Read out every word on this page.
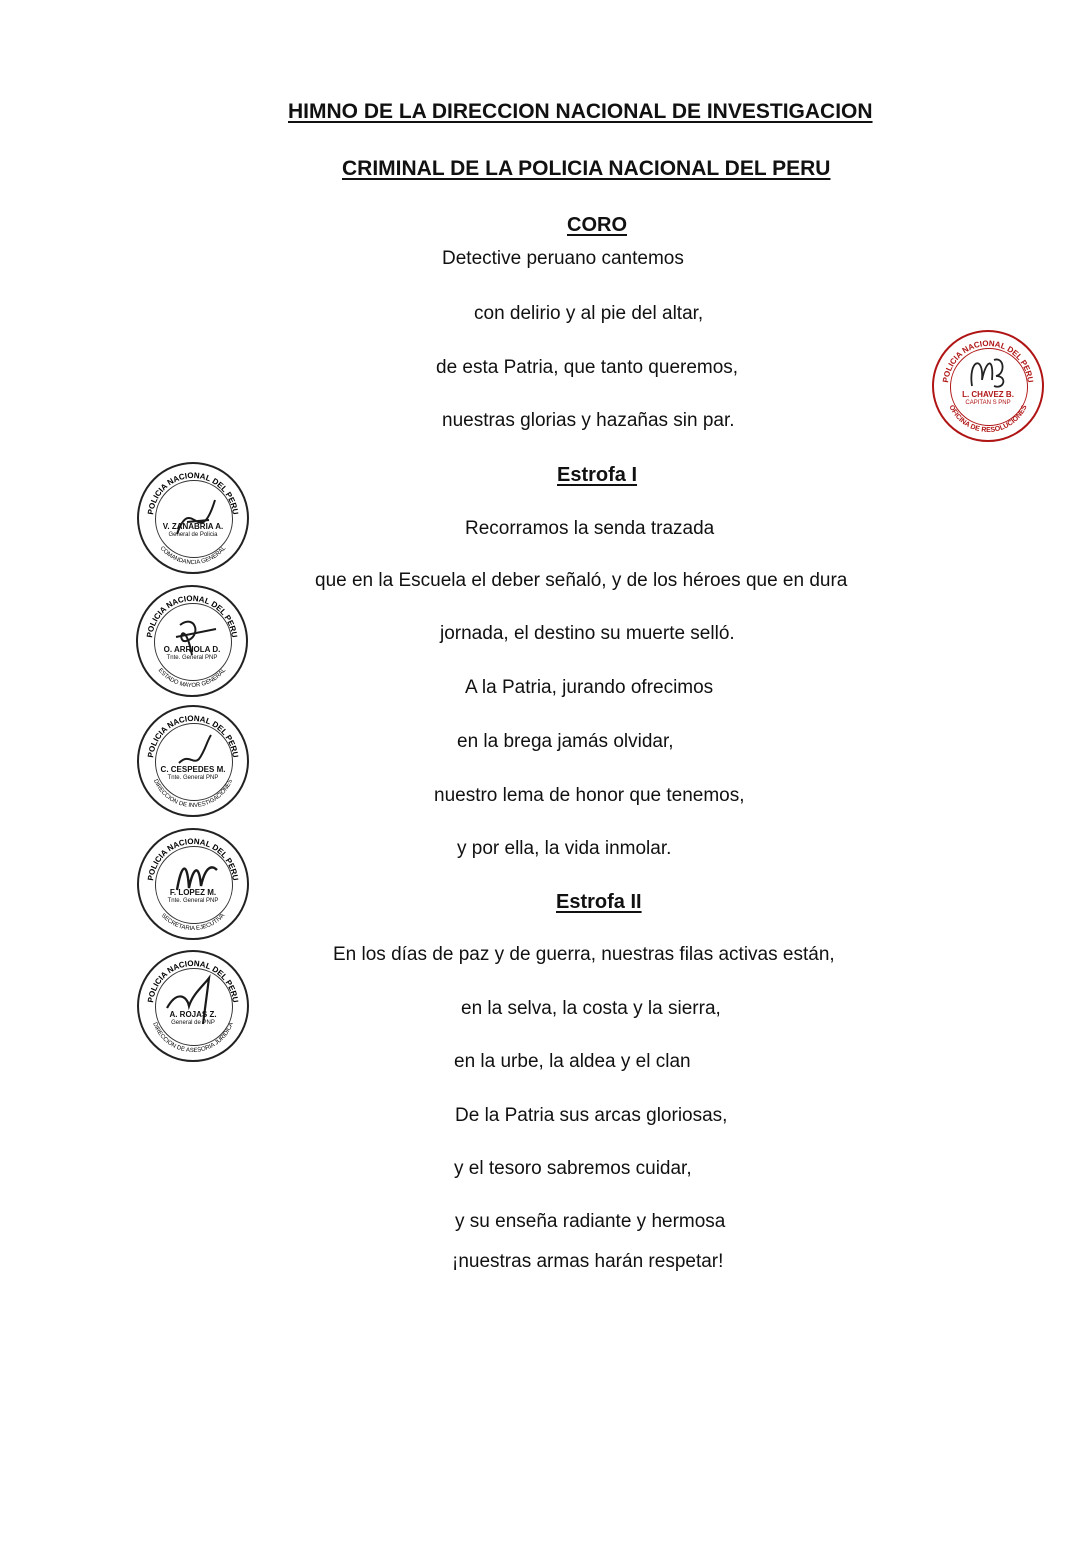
HIMNO DE LA DIRECCION NACIONAL DE INVESTIGACION
CRIMINAL DE LA POLICIA NACIONAL DEL PERU
CORO
Detective peruano cantemos
con delirio y al pie del altar,
de esta Patria, que tanto queremos,
nuestras glorias y hazañas sin par.
Estrofa I
Recorramos la senda trazada
que en la Escuela el deber señaló, y de los héroes que en dura
jornada, el destino su muerte selló.
A la Patria, jurando ofrecimos
en la brega jamás olvidar,
nuestro lema de honor que tenemos,
y por ella, la vida inmolar.
Estrofa II
En los días de paz y de guerra, nuestras filas activas están,
en la selva, la costa y la sierra,
en la urbe, la aldea y el clan
De la Patria sus arcas gloriosas,
y el tesoro sabremos cuidar,
y su enseña radiante y hermosa
¡nuestras armas harán respetar!
POLICIA NACIONAL DEL PERU
COMANDANCIA GENERAL
V. ZANABRIA A.
General de Policia
POLICIA NACIONAL DEL PERU
ESTADO MAYOR GENERAL
O. ARRIOLA D.
Tnte. General PNP
POLICIA NACIONAL DEL PERU
DIRECCION DE INVESTIGACIONES
C. CESPEDES M.
Tnte. General PNP
POLICIA NACIONAL DEL PERU
SECRETARIA EJECUTIVA
F. LOPEZ M.
Tnte. General PNP
POLICIA NACIONAL DEL PERU
DIRECCION DE ASESORIA JURIDICA
A. ROJAS Z.
General de PNP
POLICIA NACIONAL DEL PERU
OFICINA DE RESOLUCIONES
L. CHAVEZ B.
CAPITAN S PNP
